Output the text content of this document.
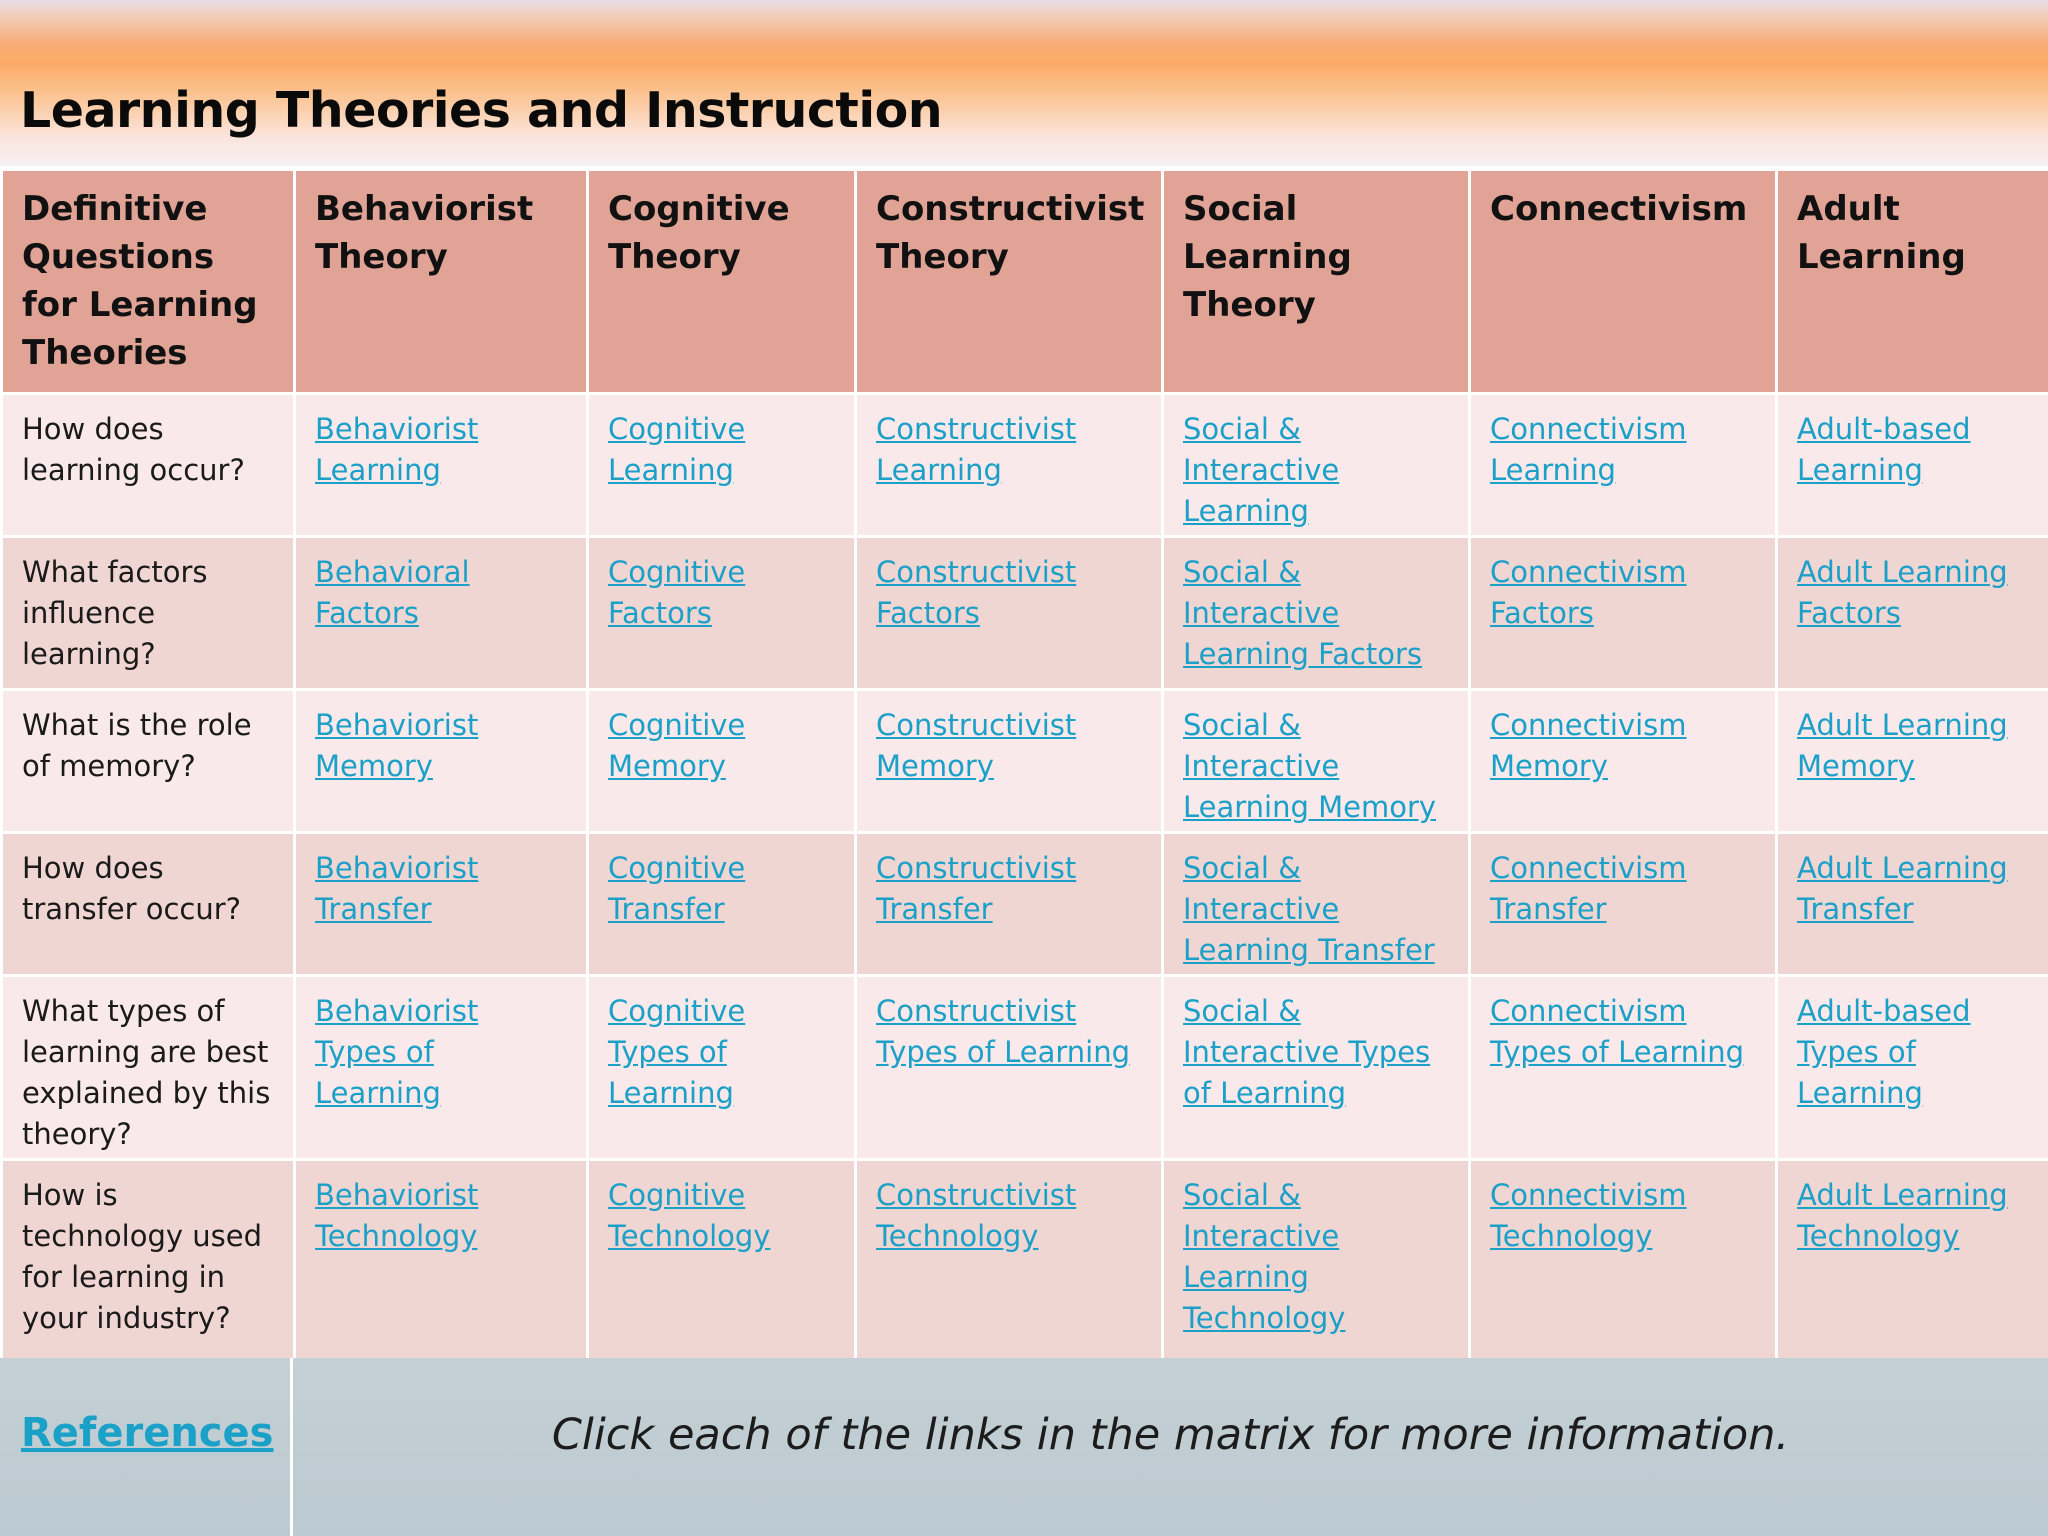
Learning Theories and Instruction
Definitive Questions for Learning Theories	Behaviorist Theory	Cognitive Theory	Constructivist Theory	Social Learning Theory	Connectivism	Adult Learning
How does learning occur?	Behaviorist Learning	Cognitive Learning	Constructivist Learning	Social & Interactive Learning	Connectivism Learning	Adult-based Learning
What factors influence learning?	Behavioral Factors	Cognitive Factors	Constructivist Factors	Social & Interactive Learning Factors	Connectivism Factors	Adult Learning Factors
What is the role of memory?	Behaviorist Memory	Cognitive Memory	Constructivist Memory	Social & Interactive Learning Memory	Connectivism Memory	Adult Learning Memory
How does transfer occur?	Behaviorist Transfer	Cognitive Transfer	Constructivist Transfer	Social & Interactive Learning Transfer	Connectivism Transfer	Adult Learning Transfer
What types of learning are best explained by this theory?	Behaviorist Types of Learning	Cognitive Types of Learning	Constructivist Types of Learning	Social & Interactive Types of Learning	Connectivism Types of Learning	Adult-based Types of Learning
How is technology used for learning in your industry?	Behaviorist Technology	Cognitive Technology	Constructivist Technology	Social & Interactive Learning Technology	Connectivism Technology	Adult Learning Technology
References	Click each of the links in the matrix for more information.
